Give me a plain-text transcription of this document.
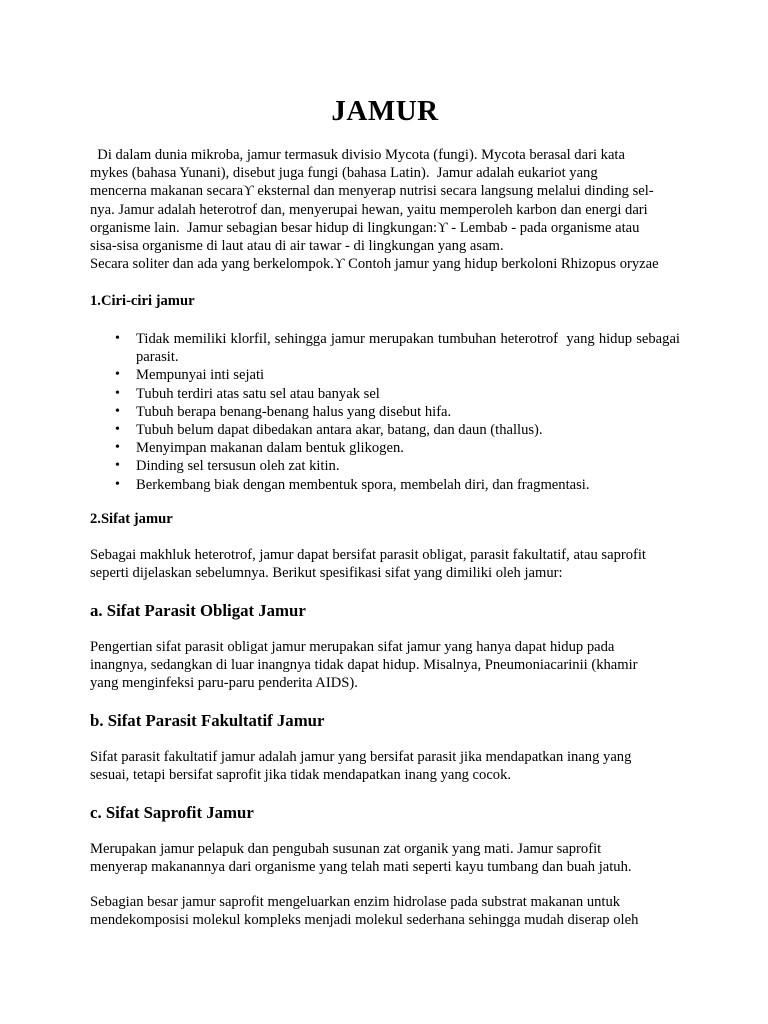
JAMUR
Di dalam dunia mikroba, jamur termasuk divisio Mycota (fungi). Mycota berasal dari kata
mykes (bahasa Yunani), disebut juga fungi (bahasa Latin).  Jamur adalah eukariot yang
mencerna makanan secaraϒ eksternal dan menyerap nutrisi secara langsung melalui dinding sel-
nya. Jamur adalah heterotrof dan, menyerupai hewan, yaitu memperoleh karbon dan energi dari
organisme lain.  Jamur sebagian besar hidup di lingkungan:ϒ - Lembab - pada organisme atau
sisa-sisa organisme di laut atau di air tawar - di lingkungan yang asam.
Secara soliter dan ada yang berkelompok.ϒ Contoh jamur yang hidup berkoloni Rhizopus oryzae
1.Ciri-ciri jamur
• Tidak memiliki klorfil, sehingga jamur merupakan tumbuhan heterotrof  yang hidup sebagai parasit.
• Mempunyai inti sejati
• Tubuh terdiri atas satu sel atau banyak sel
• Tubuh berapa benang-benang halus yang disebut hifa.
• Tubuh belum dapat dibedakan antara akar, batang, dan daun (thallus).
• Menyimpan makanan dalam bentuk glikogen.
• Dinding sel tersusun oleh zat kitin.
• Berkembang biak dengan membentuk spora, membelah diri, dan fragmentasi.
2.Sifat jamur
Sebagai makhluk heterotrof, jamur dapat bersifat parasit obligat, parasit fakultatif, atau saprofit
seperti dijelaskan sebelumnya. Berikut spesifikasi sifat yang dimiliki oleh jamur:
a. Sifat Parasit Obligat Jamur
Pengertian sifat parasit obligat jamur merupakan sifat jamur yang hanya dapat hidup pada
inangnya, sedangkan di luar inangnya tidak dapat hidup. Misalnya, Pneumoniacarinii (khamir
yang menginfeksi paru-paru penderita AIDS).
b. Sifat Parasit Fakultatif Jamur
Sifat parasit fakultatif jamur adalah jamur yang bersifat parasit jika mendapatkan inang yang
sesuai, tetapi bersifat saprofit jika tidak mendapatkan inang yang cocok.
c. Sifat Saprofit Jamur
Merupakan jamur pelapuk dan pengubah susunan zat organik yang mati. Jamur saprofit
menyerap makanannya dari organisme yang telah mati seperti kayu tumbang dan buah jatuh.
Sebagian besar jamur saprofit mengeluarkan enzim hidrolase pada substrat makanan untuk
mendekomposisi molekul kompleks menjadi molekul sederhana sehingga mudah diserap oleh
